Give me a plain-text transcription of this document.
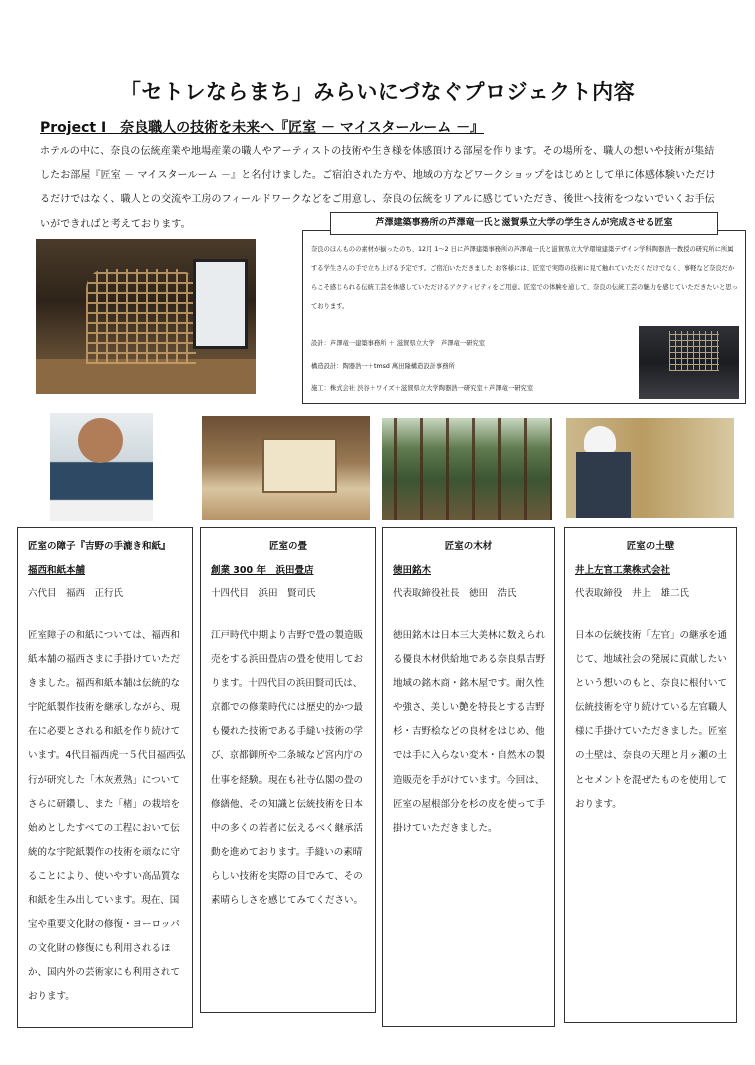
「セトレならまち」みらいにづなぐプロジェクト内容
Project Ⅰ　奈良職人の技術を未来へ『匠室 － マイスタールーム －』
ホテルの中に、奈良の伝統産業や地場産業の職人やアーティストの技術や生き様を体感頂ける部屋を作ります。その場所を、職人の想いや技術が集結したお部屋『匠室 － マイスタールーム －』と名付けました。ご宿泊された方や、地域の方などワークショップをはじめとして単に体感体験いただけるだけではなく、職人との交流や工房のフィールドワークなどをご用意し、奈良の伝統をリアルに感じていただき、後世へ技術をつないでいくお手伝いができればと考えております。	芦澤建築事務所の芦澤竜一氏と滋賀県立大学の学生さんが完成させる匠室
奈良のほんものの素材が揃ったのち、12月 1～2 日に芦澤建築事務所の芦澤竜一氏と滋賀県立大学環境建築デザイン学科陶器浩一教授の研究所に所属する学生さんの手で立ち上げる予定です。ご宿泊いただきました お客様には、匠室で実際の技術に見て触れていただくだけでなく、事軽など奈良だからこそ感じられる伝統工芸を体感していただけるアクティビティをご用意。匠室での体験を通して、奈良の伝統工芸の魅力を感じていただきたいと思っております。
設計：芦澤竜一建築事務所 ＋ 滋賀県立大学　芦澤竜一研究室
構造設計：陶器浩一＋tmsd 萬田隆構造設計事務所
施工：株式会社 渋谷＋ワイズ＋滋賀県立大学陶器浩一研究室＋芦澤竜一研究室
匠室の障子『吉野の手漉き和紙』
福西和紙本舗
六代目　福西　正行氏
匠室障子の和紙については、福西和紙本舗の福西さまに手掛けていただきました。福西和紙本舗は伝統的な宇陀紙製作技術を継承しながら、現在に必要とされる和紙を作り続けています。4代目福西虎一５代目福西弘行が研究した「木灰煮熟」についてさらに研鑽し、また「楮」の栽培を始めとしたすべての工程において伝統的な宇陀紙製作の技術を頑なに守ることにより、使いやすい高品質な和紙を生み出しています。現在、国宝や重要文化財の修復・ヨーロッパの文化財の修復にも利用されるほか、国内外の芸術家にも利用されております。
匠室の畳
創業 300 年　浜田畳店
十四代目　浜田　賢司氏
江戸時代中期より吉野で畳の製造販売をする浜田畳店の畳を使用しております。十四代目の浜田賢司氏は、京都での修業時代には歴史的かつ最も優れた技術である手縫い技術の学び、京都御所や二条城など宮内庁の仕事を経験。現在も社寺仏閣の畳の修繕他、その知識と伝統技術を日本中の多くの若者に伝えるべく継承活動を進めております。手縫いの素晴らしい技術を実際の目でみて、その素晴らしさを感じてみてください。
匠室の木材
徳田銘木
代表取締役社長　徳田　浩氏
徳田銘木は日本三大美林に数えられる優良木材供給地である奈良県吉野地域の銘木商・銘木屋です。耐久性や強さ、美しい艶を特長とする吉野杉・吉野桧などの良材をはじめ、他では手に入らない変木・自然木の製造販売を手がけています。今回は、匠室の屋根部分を杉の皮を使って手掛けていただきました。
匠室の土壁
井上左官工業株式会社
代表取締役　井上　雄二氏
日本の伝統技術「左官」の継承を通じて、地域社会の発展に貢献したいという想いのもと、奈良に根付いて伝統技術を守り続けている左官職人様に手掛けていただきました。匠室の土壁は、奈良の天理と月ヶ瀬の土とセメントを混ぜたものを使用しております。
